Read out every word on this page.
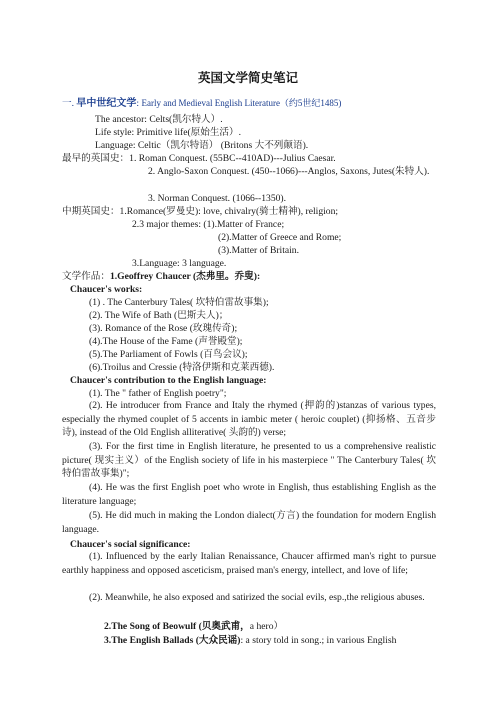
英国文学简史笔记
一. 早中世纪文学: Early and Medieval English Literature（约5世纪1485)
The ancestor: Celts(凯尔特人）.
Life style: Primitive life(原始生活）.
Language: Celtic（凯尔特语） (Britons 大不列颠语).
最早的英国史：1. Roman Conquest. (55BC--410AD)---Julius Caesar.
2. Anglo-Saxon Conquest. (450--1066)---Anglos, Saxons, Jutes(朱特人).
3. Norman Conquest. (1066--1350).
中期英国史：1.Romance(罗曼史): love, chivalry(骑士精神), religion;
2.3 major themes: (1).Matter of France;
(2).Matter of Greece and Rome;
(3).Matter of Britain.
3.Language: 3 language.
文学作品：1.Geoffrey Chaucer (杰弗里。乔叟):
Chaucer's works:
(1) . The Canterbury Tales( 坎特伯雷故事集);
(2). The Wife of Bath (巴斯夫人)；
(3). Romance of the Rose (玫瑰传奇);
(4).The House of the Fame (声誉殿堂);
(5).The Parliament of Fowls (百鸟会议);
(6).Troilus and Cressie (特洛伊斯和克莱西德).
Chaucer's contribution to the English language:
(1). The " father of English poetry";
(2). He introducer from France and Italy the rhymed (押韵的)stanzas of various types, especially the rhymed couplet of 5 accents in iambic meter ( heroic couplet) (抑扬格、五音步诗), instead of the Old English alliterative( 头韵的) verse;
(3). For the first time in English literature, he presented to us a comprehensive realistic picture( 现实主义）of the English society of life in his masterpiece " The Canterbury Tales( 坎特伯雷故事集)";
(4). He was the first English poet who wrote in English, thus establishing English as the literature language;
(5). He did much in making the London dialect(方言) the foundation for modern English language.
Chaucer's social significance:
(1). Influenced by the early Italian Renaissance, Chaucer affirmed man's right to pursue earthly happiness and opposed asceticism, praised man's energy, intellect, and love of life;
(2). Meanwhile, he also exposed and satirized the social evils, esp.,the religious abuses.
2.The Song of Beowulf (贝奥武甫，a hero）
3.The English Ballads (大众民谣): a story told in song.; in various English
